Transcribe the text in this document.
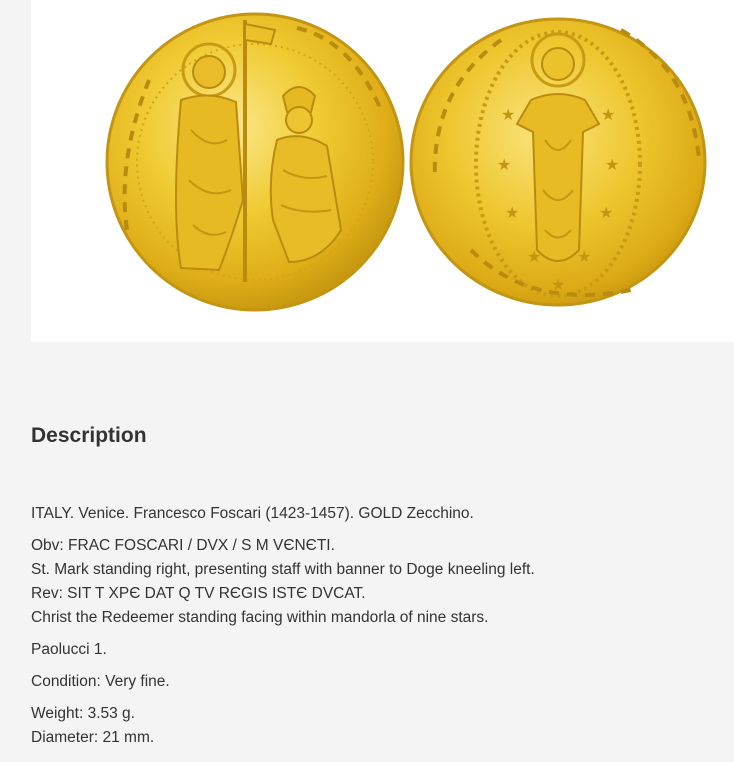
★
★
★
★
★
★
★
★
★
Description

ITALY. Venice. Francesco Foscari (1423-1457). GOLD Zecchino.

Obv: FRAC FOSCARI / DVX / S M VЄNЄTI.

St. Mark standing right, presenting staff with banner to Doge kneeling left.

Rev: SIT T XPЄ DAT Q TV RЄGIS ISTЄ DVCAT.

Christ the Redeemer standing facing within mandorla of nine stars.

Paolucci 1.

Condition: Very fine.

Weight: 3.53 g.

Diameter: 21 mm.
